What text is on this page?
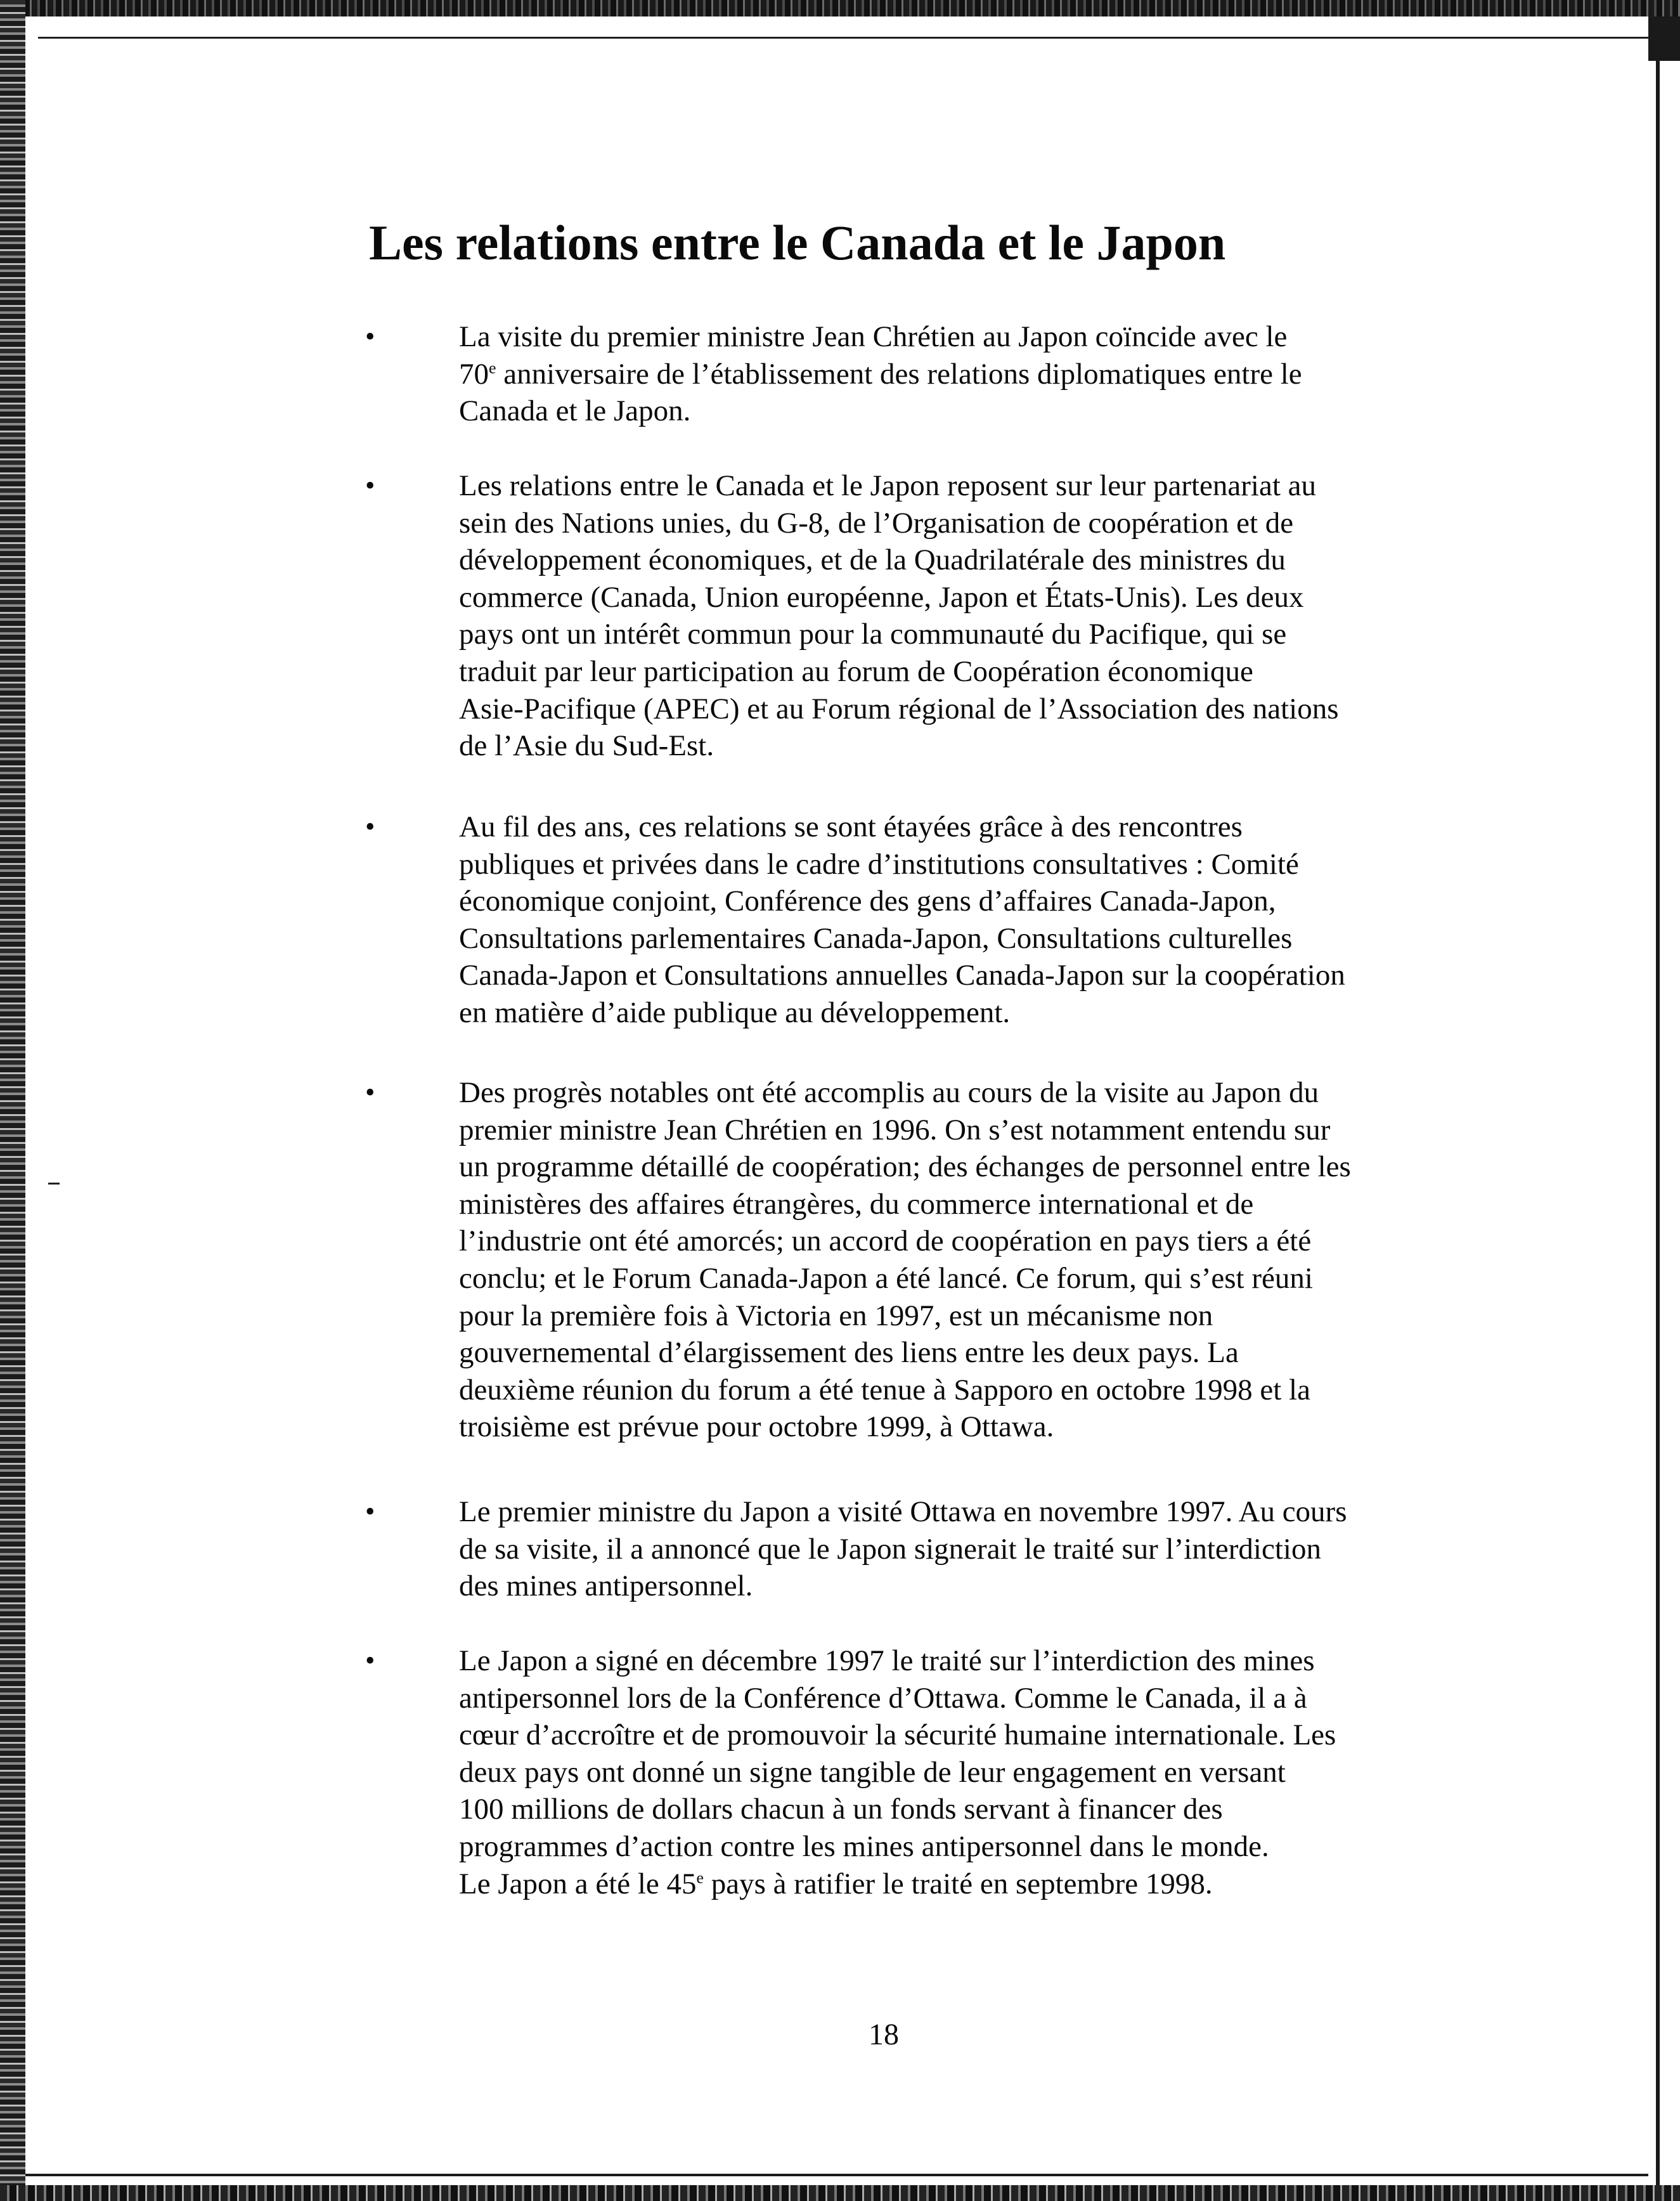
Les relations entre le Canada et le Japon
•	La visite du premier ministre Jean Chrétien au Japon coïncide avec le
70e anniversaire de l’établissement des relations diplomatiques entre le
Canada et le Japon.

•	Les relations entre le Canada et le Japon reposent sur leur partenariat au
sein des Nations unies, du G-8, de l’Organisation de coopération et de
développement économiques, et de la Quadrilatérale des ministres du
commerce (Canada, Union européenne, Japon et États-Unis). Les deux
pays ont un intérêt commun pour la communauté du Pacifique, qui se
traduit par leur participation au forum de Coopération économique
Asie-Pacifique (APEC) et au Forum régional de l’Association des nations
de l’Asie du Sud-Est.

•	Au fil des ans, ces relations se sont étayées grâce à des rencontres
publiques et privées dans le cadre d’institutions consultatives : Comité
économique conjoint, Conférence des gens d’affaires Canada-Japon,
Consultations parlementaires Canada-Japon, Consultations culturelles
Canada-Japon et Consultations annuelles Canada-Japon sur la coopération
en matière d’aide publique au développement.

•	Des progrès notables ont été accomplis au cours de la visite au Japon du
premier ministre Jean Chrétien en 1996. On s’est notamment entendu sur
un programme détaillé de coopération; des échanges de personnel entre les
ministères des affaires étrangères, du commerce international et de
l’industrie ont été amorcés; un accord de coopération en pays tiers a été
conclu; et le Forum Canada-Japon a été lancé. Ce forum, qui s’est réuni
pour la première fois à Victoria en 1997, est un mécanisme non
gouvernemental d’élargissement des liens entre les deux pays. La
deuxième réunion du forum a été tenue à Sapporo en octobre 1998 et la
troisième est prévue pour octobre 1999, à Ottawa.

•	Le premier ministre du Japon a visité Ottawa en novembre 1997. Au cours
de sa visite, il a annoncé que le Japon signerait le traité sur l’interdiction
des mines antipersonnel.

•	Le Japon a signé en décembre 1997 le traité sur l’interdiction des mines
antipersonnel lors de la Conférence d’Ottawa. Comme le Canada, il a à
cœur d’accroître et de promouvoir la sécurité humaine internationale. Les
deux pays ont donné un signe tangible de leur engagement en versant
100 millions de dollars chacun à un fonds servant à financer des
programmes d’action contre les mines antipersonnel dans le monde.
Le Japon a été le 45e pays à ratifier le traité en septembre 1998.

18
